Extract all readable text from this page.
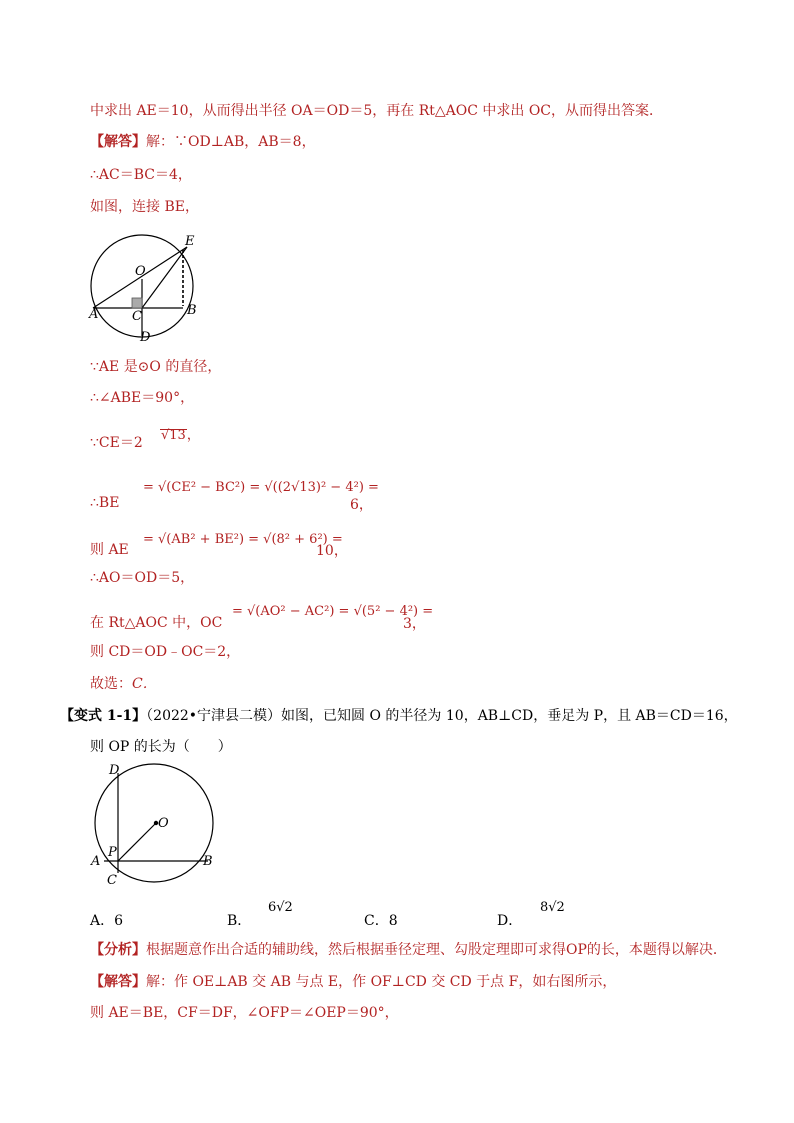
中求出 AE＝10，从而得出半径 OA＝OD＝5，再在 Rt△AOC 中求出 OC，从而得出答案．
【解答】解：∵OD⊥AB，AB＝8，
∴AC＝BC＝4，
如图，连接 BE，
E
O
A	B
C
D
∵AE 是⊙O 的直径，
∴∠ABE＝90°，
∵CE＝2 √13，
∴BE
= √(CE² − BC²) = √((2√13)² − 4²) =
6，
则 AE
= √(AB² + BE²) = √(8² + 6²) =
10，
∴AO＝OD＝5，
在 Rt△AOC 中，OC
= √(AO² − AC²) = √(5² − 4²) =
3，
则 CD＝OD﹣OC＝2，
故选：C．
【变式 1-1】（2022•宁津县二模）如图，已知圆 O 的半径为 10，AB⊥CD，垂足为 P，且 AB＝CD＝16，
则 OP 的长为（　　）
D
O
A
P
B
C
A．6	B．
6√2
C．8	D．
8√2
【分析】根据题意作出合适的辅助线，然后根据垂径定理、勾股定理即可求得OP的长，本题得以解决．
【解答】解：作 OE⊥AB 交 AB 与点 E，作 OF⊥CD 交 CD 于点 F，如右图所示，
则 AE＝BE，CF＝DF，∠OFP＝∠OEP＝90°，
